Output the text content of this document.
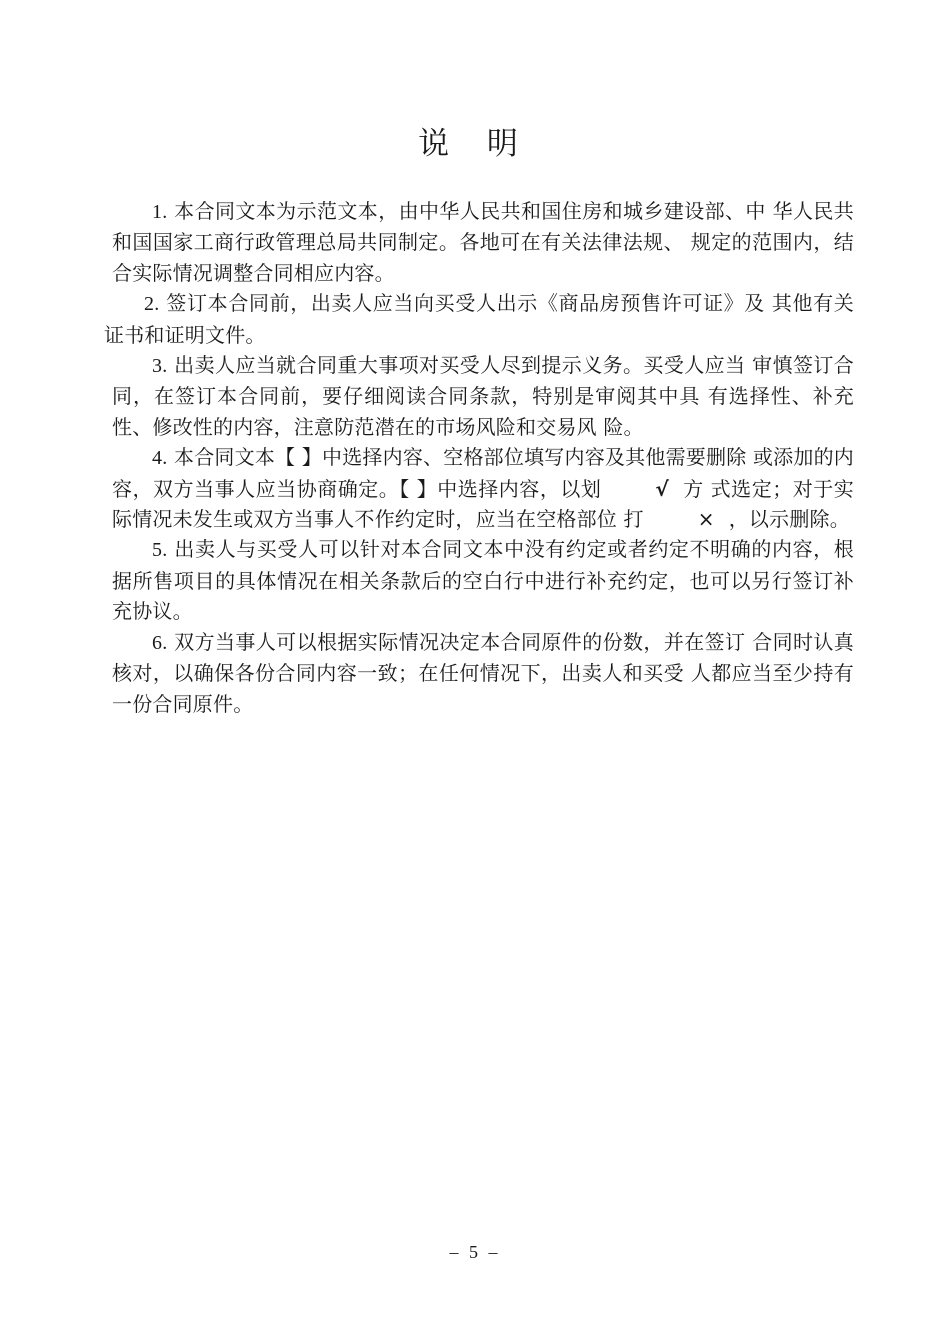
说 明

1. 本合同文本为示范文本，由中华人民共和国住房和城乡建设部、中 华人民共和国国家工商行政管理总局共同制定。各地可在有关法律法规、 规定的范围内，结合实际情况调整合同相应内容。

2. 签订本合同前，出卖人应当向买受人出示《商品房预售许可证》及 其他有关证书和证明文件。

3. 出卖人应当就合同重大事项对买受人尽到提示义务。买受人应当 审慎签订合同，在签订本合同前，要仔细阅读合同条款，特别是审阅其中具 有选择性、补充性、修改性的内容，注意防范潜在的市场风险和交易风 险。

4. 本合同文本【 】中选择内容、空格部位填写内容及其他需要删除 或添加的内容，双方当事人应当协商确定。【 】中选择内容，以划	√ 方 式选定；对于实际情况未发生或双方当事人不作约定时，应当在空格部位 打	× ，以示删除。

5. 出卖人与买受人可以针对本合同文本中没有约定或者约定不明确的内容，根据所售项目的具体情况在相关条款后的空白行中进行补充约定，也可以另行签订补充协议。

6. 双方当事人可以根据实际情况决定本合同原件的份数，并在签订 合同时认真核对，以确保各份合同内容一致；在任何情况下，出卖人和买受 人都应当至少持有一份合同原件。

– 5 –
